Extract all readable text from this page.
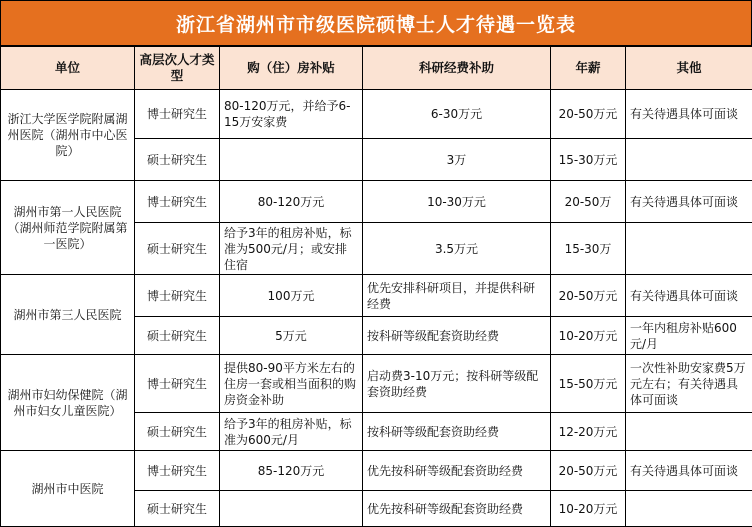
浙江省湖州市市级医院硕博士人才待遇一览表
单位	高层次人才类型	购（住）房补贴	科研经费补助	年薪	其他
浙江大学医学院附属湖州医院（湖州市中心医院）	博士研究生	80-120万元，并给予6-15万安家费	6-30万元	20-50万元	有关待遇具体可面谈
	硕士研究生		3万	15-30万元	
湖州市第一人民医院（湖州师范学院附属第一医院）	博士研究生	80-120万元	10-30万元	20-50万	有关待遇具体可面谈
	硕士研究生	给予3年的租房补贴，标准为500元/月；或安排住宿	3.5万元	15-30万	
湖州市第三人民医院	博士研究生	100万元	优先安排科研项目，并提供科研经费	20-50万元	有关待遇具体可面谈
	硕士研究生	5万元	按科研等级配套资助经费	10-20万元	一年内租房补贴600元/月
湖州市妇幼保健院（湖州市妇女儿童医院）	博士研究生	提供80-90平方米左右的住房一套或相当面积的购房资金补助	启动费3-10万元；按科研等级配套资助经费	15-50万元	一次性补助安家费5万元左右；有关待遇具体可面谈
	硕士研究生	给予3年的租房补贴，标准为600元/月	按科研等级配套资助经费	12-20万元	
湖州市中医院	博士研究生	85-120万元	优先按科研等级配套资助经费	20-50万元	有关待遇具体可面谈
	硕士研究生		优先按科研等级配套资助经费	10-20万元	
